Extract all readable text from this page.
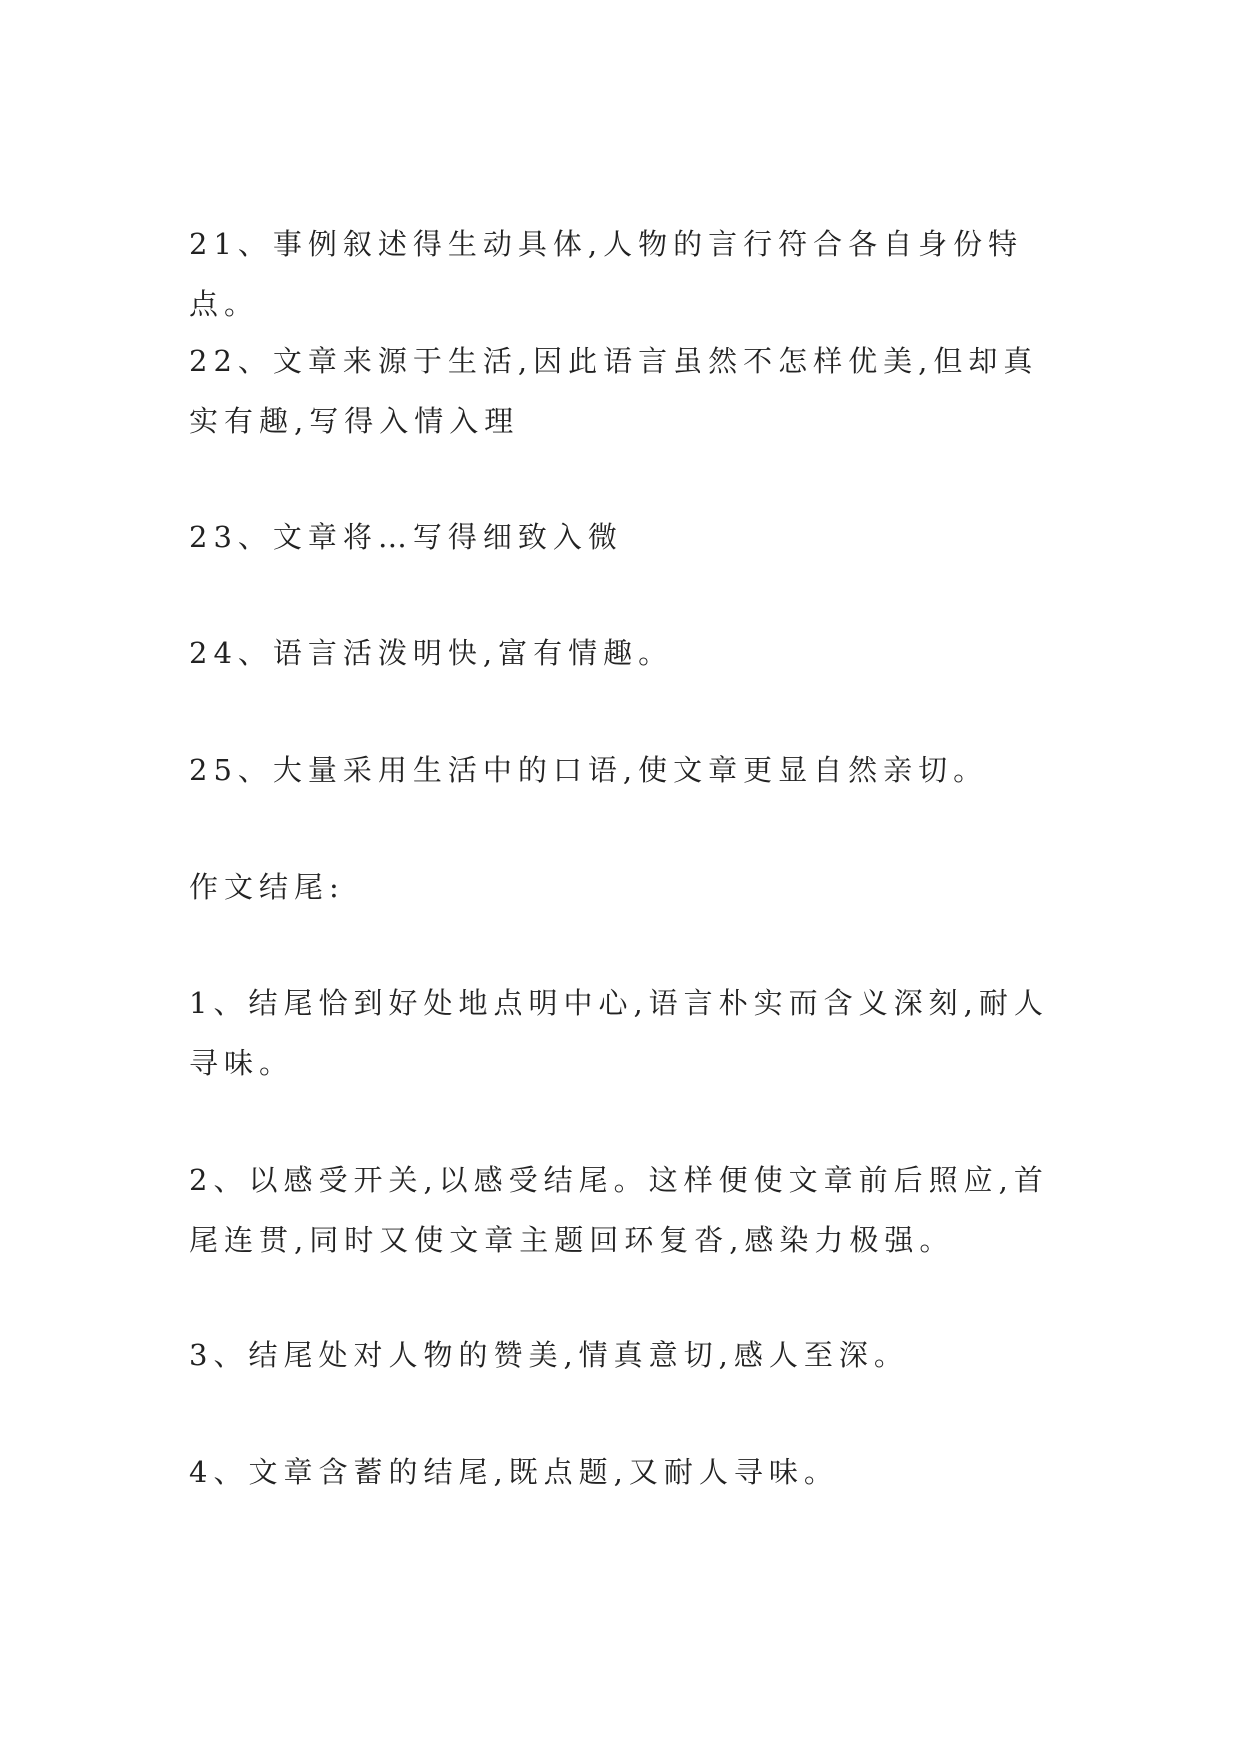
21、事例叙述得生动具体,人物的言行符合各自身份特点。

22、文章来源于生活,因此语言虽然不怎样优美,但却真实有趣,写得入情入理

23、文章将…写得细致入微

24、语言活泼明快,富有情趣。

25、大量采用生活中的口语,使文章更显自然亲切。

作文结尾:

1、结尾恰到好处地点明中心,语言朴实而含义深刻,耐人寻味。

2、以感受开关,以感受结尾。这样便使文章前后照应,首尾连贯,同时又使文章主题回环复沓,感染力极强。

3、结尾处对人物的赞美,情真意切,感人至深。

4、文章含蓄的结尾,既点题,又耐人寻味。
